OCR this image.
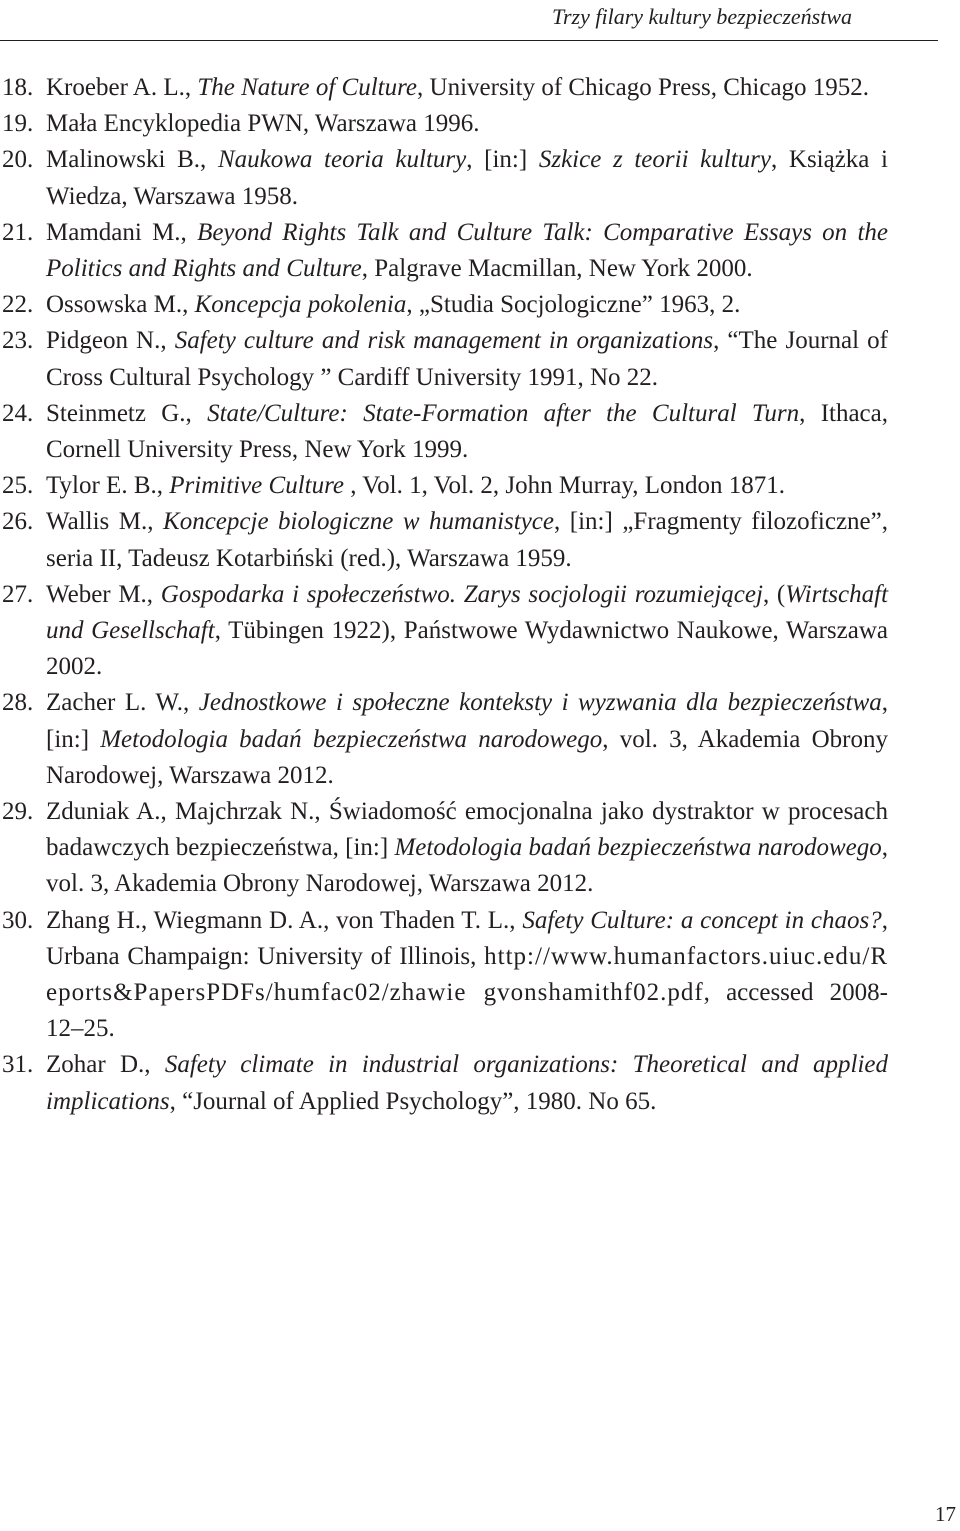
Trzy filary kultury bezpieczeństwa
18. Kroeber A. L., The Nature of Culture, University of Chicago Press, Chicago 1952.
19. Mała Encyklopedia PWN, Warszawa 1996.
20. Malinowski B., Naukowa teoria kultury, [in:] Szkice z teorii kultury, Książka i Wiedza, Warszawa 1958.
21. Mamdani M., Beyond Rights Talk and Culture Talk: Comparative Essays on the Politics and Rights and Culture, Palgrave Macmillan, New York 2000.
22. Ossowska M., Koncepcja pokolenia, „Studia Socjologiczne” 1963, 2.
23. Pidgeon N., Safety culture and risk management in organizations, “The Journal of Cross Cultural Psychology ” Cardiff University 1991, No 22.
24. Steinmetz G., State/Culture: State-Formation after the Cultural Turn, Ithaca, Cornell University Press, New York 1999.
25. Tylor E. B., Primitive Culture , Vol. 1, Vol. 2, John Murray, London 1871.
26. Wallis M., Koncepcje biologiczne w humanistyce, [in:] „Fragmenty filozoficzne”, seria II, Tadeusz Kotarbiński (red.), Warszawa 1959.
27. Weber M., Gospodarka i społeczeństwo. Zarys socjologii rozumiejącej, (Wirtschaft und Gesellschaft, Tübingen 1922), Państwowe Wydawnictwo Naukowe, Warszawa 2002.
28. Zacher L. W., Jednostkowe i społeczne konteksty i wyzwania dla bezpieczeństwa, [in:] Metodologia badań bezpieczeństwa narodowego, vol. 3, Akademia Obrony Narodowej, Warszawa 2012.
29. Zduniak A., Majchrzak N., Świadomość emocjonalna jako dystraktor w procesach badawczych bezpieczeństwa, [in:] Metodologia badań bezpieczeństwa narodowego, vol. 3, Akademia Obrony Narodowej, Warszawa 2012.
30. Zhang H., Wiegmann D. A., von Thaden T. L., Safety Culture: a concept in chaos?, Urbana Champaign: University of Illinois, http://www.humanfactors.uiuc.edu/Reports&PapersPDFs/humfac02/zhawie gvonshamithf02.pdf, accessed 2008-12–25.
31. Zohar D., Safety climate in industrial organizations: Theoretical and applied implications, “Journal of Applied Psychology”, 1980. No 65.
17
